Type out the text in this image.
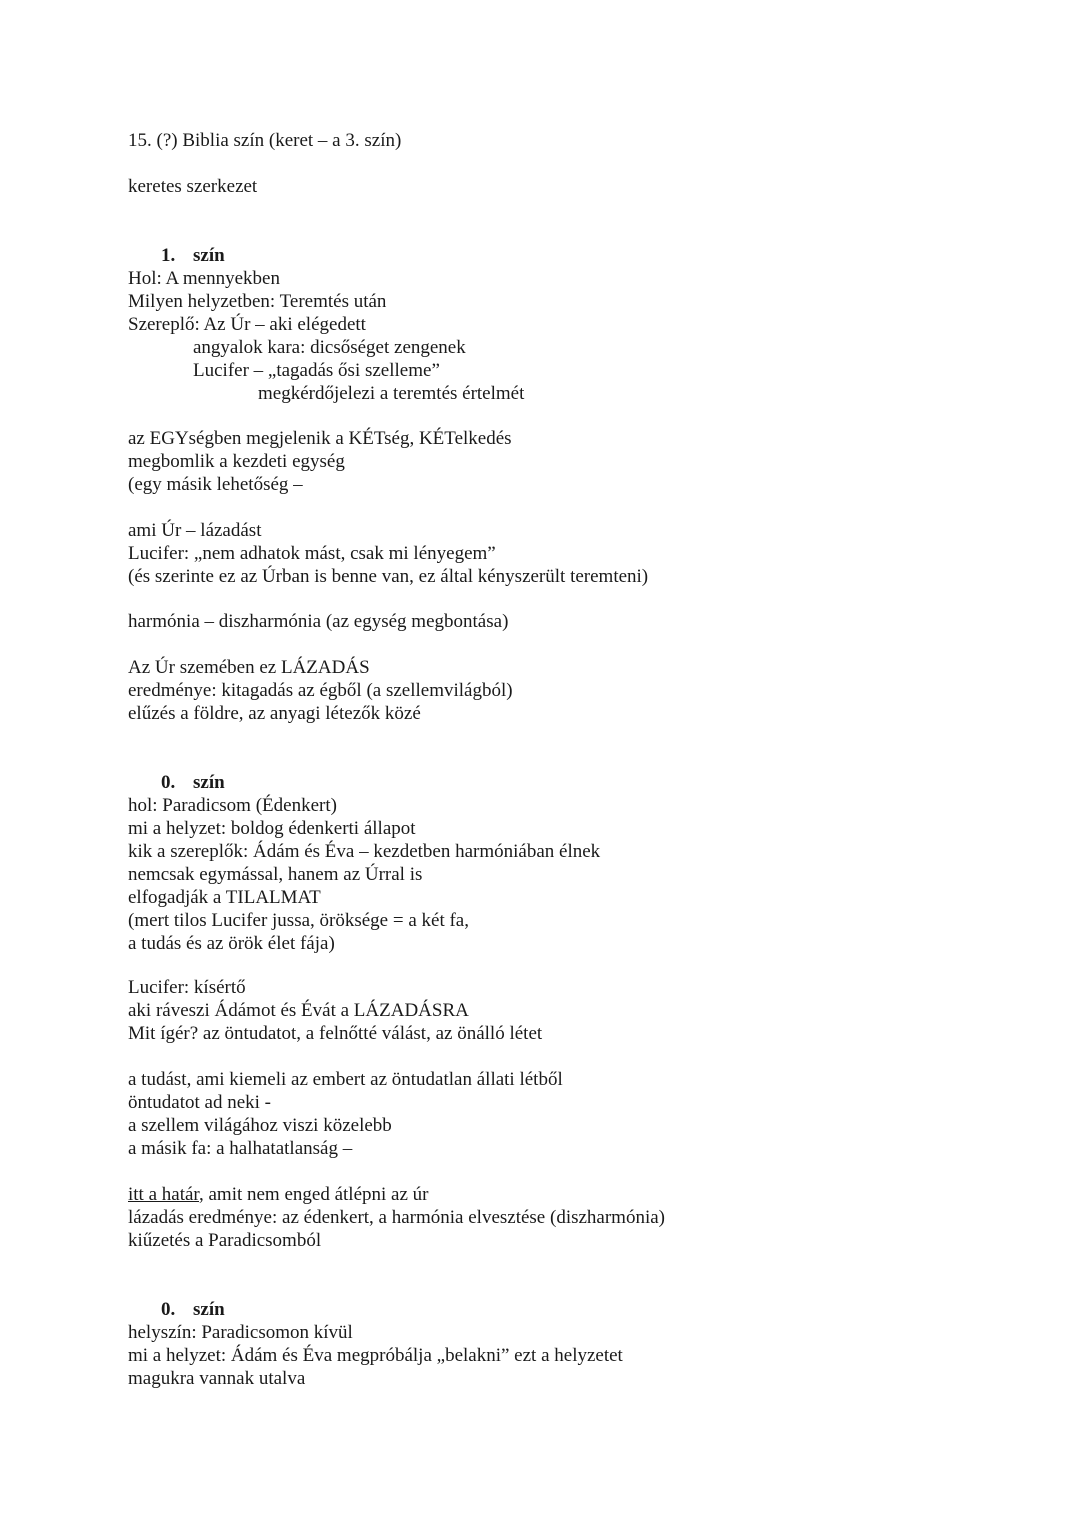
15. (?) Biblia szín (keret – a 3. szín)
keretes szerkezet
1. szín
Hol: A mennyekben
Milyen helyzetben: Teremtés után
Szereplő: Az Úr – aki elégedett
angyalok kara: dicsőséget zengenek
Lucifer – „tagadás ősi szelleme”
megkérdőjelezi a teremtés értelmét
az EGYségben megjelenik a KÉTség, KÉTelkedés
megbomlik a kezdeti egység
(egy másik lehetőség –
ami Úr – lázadást
Lucifer: „nem adhatok mást, csak mi lényegem”
(és szerinte ez az Úrban is benne van, ez által kényszerült teremteni)
harmónia – diszharmónia (az egység megbontása)
Az Úr szemében ez LÁZADÁS
eredménye: kitagadás az égből (a szellemvilágból)
elűzés a földre, az anyagi létezők közé
0. szín
hol: Paradicsom (Édenkert)
mi a helyzet: boldog édenkerti állapot
kik a szereplők: Ádám és Éva – kezdetben harmóniában élnek
nemcsak egymással, hanem az Úrral is
elfogadják a TILALMAT
(mert tilos Lucifer jussa, öröksége = a két fa,
a tudás és az örök élet fája)
Lucifer: kísértő
aki ráveszi Ádámot és Évát a LÁZADÁSRA
Mit ígér? az öntudatot, a felnőtté válást, az önálló létet
a tudást, ami kiemeli az embert az öntudatlan állati létből
öntudatot ad neki -
a szellem világához viszi közelebb
a másik fa: a halhatatlanság –
itt a határ, amit nem enged átlépni az úr
lázadás eredménye: az édenkert, a harmónia elvesztése (diszharmónia)
kiűzetés a Paradicsomból
0. szín
helyszín: Paradicsomon kívül
mi a helyzet: Ádám és Éva megpróbálja „belakni” ezt a helyzetet
magukra vannak utalva
